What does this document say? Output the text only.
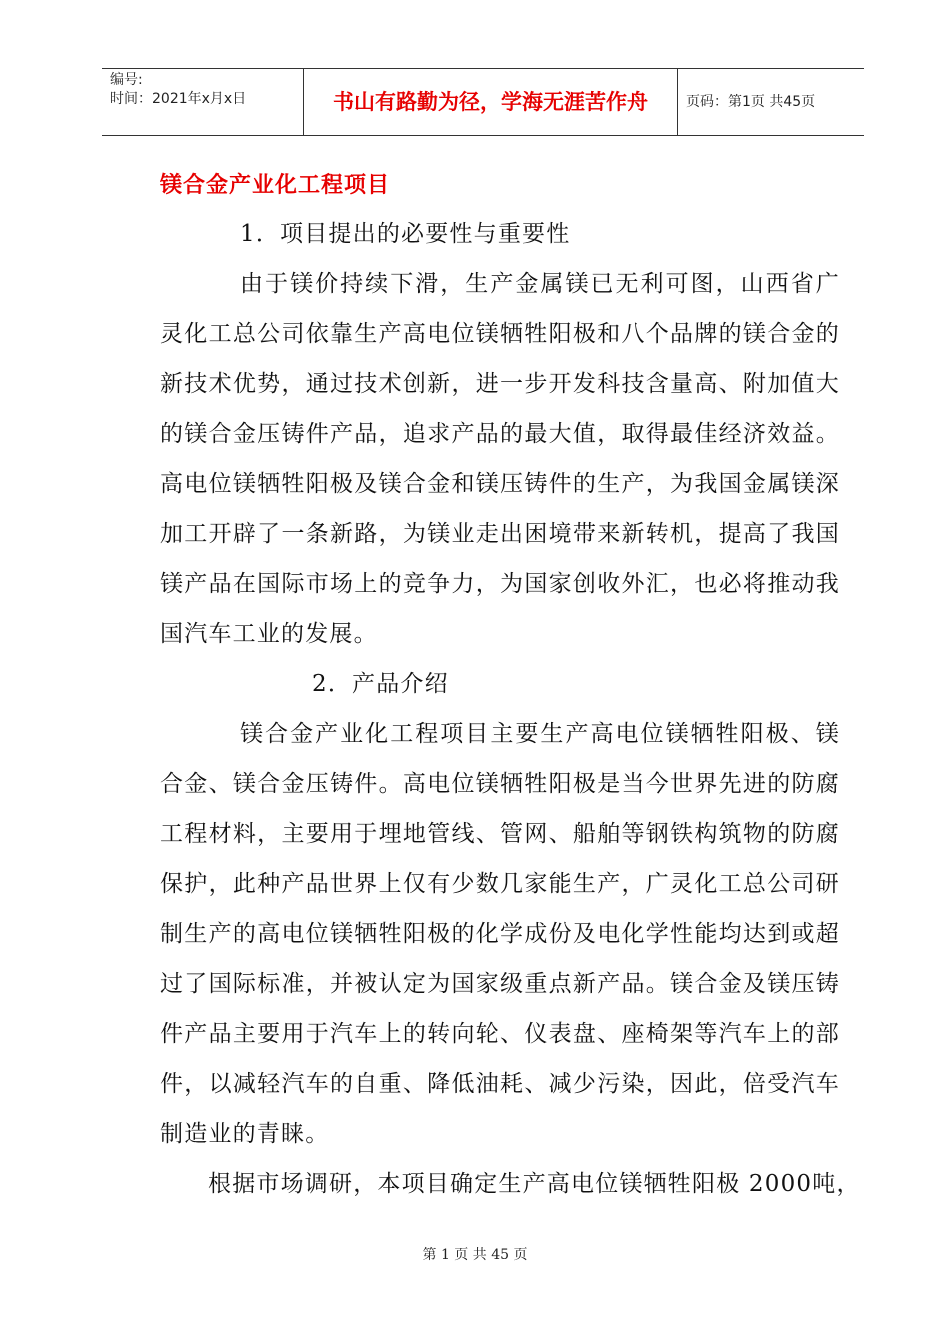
编号:
时间：2021年x月x日	书山有路勤为径，学海无涯苦作舟	页码：第1页 共45页
镁合金产业化工程项目
1．项目提出的必要性与重要性
由于镁价持续下滑，生产金属镁已无利可图，山西省广
灵化工总公司依靠生产高电位镁牺牲阳极和八个品牌的镁合金的
新技术优势，通过技术创新，进一步开发科技含量高、附加值大
的镁合金压铸件产品，追求产品的最大值，取得最佳经济效益。
高电位镁牺牲阳极及镁合金和镁压铸件的生产，为我国金属镁深
加工开辟了一条新路，为镁业走出困境带来新转机，提高了我国
镁产品在国际市场上的竞争力，为国家创收外汇，也必将推动我
国汽车工业的发展。
2．产品介绍
镁合金产业化工程项目主要生产高电位镁牺牲阳极、镁
合金、镁合金压铸件。高电位镁牺牲阳极是当今世界先进的防腐
工程材料，主要用于埋地管线、管网、船舶等钢铁构筑物的防腐
保护，此种产品世界上仅有少数几家能生产，广灵化工总公司研
制生产的高电位镁牺牲阳极的化学成份及电化学性能均达到或超
过了国际标准，并被认定为国家级重点新产品。镁合金及镁压铸
件产品主要用于汽车上的转向轮、仪表盘、座椅架等汽车上的部
件，以减轻汽车的自重、降低油耗、减少污染，因此，倍受汽车
制造业的青睐。
根据市场调研，本项目确定生产高电位镁牺牲阳极 2000吨，
第 1 页 共 45 页
